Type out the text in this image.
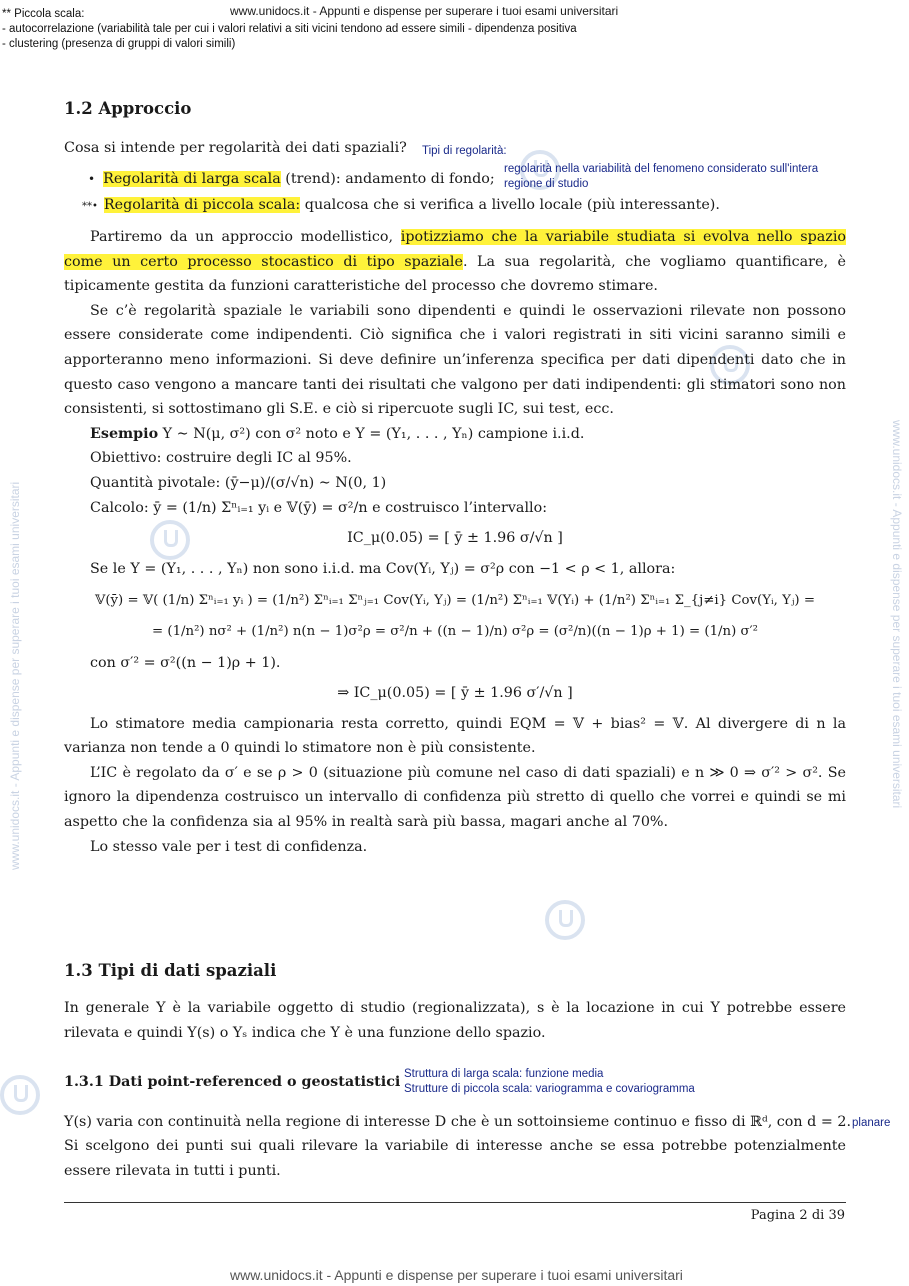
www.unidocs.it - Appunti e dispense per superare i tuoi esami universitari
www.unidocs.it - Appunti e dispense per superare i tuoi esami universitari
www.unidocs.it - Appunti e dispense per superare i tuoi esami universitari	www.unidocs.it - Appunti e dispense per superare i tuoi esami universitari
** Piccola scala:
- autocorrelazione (variabilità tale per cui i valori relativi a siti vicini tendono ad essere simili - dipendenza positiva
- clustering (presenza di gruppi di valori simili)
1.2 Approccio
Cosa si intende per regolarità dei dati spaziali? Tipi di regolarità:
regolarità nella variabilità del fenomeno considerato sull'intera
regione di studio
• Regolarità di larga scala (trend): andamento di fondo;
**• Regolarità di piccola scala: qualcosa che si verifica a livello locale (più interessante).

Partiremo da un approccio modellistico, ipotizziamo che la variabile studiata si evolva nello spazio come un certo processo stocastico di tipo spaziale. La sua regolarità, che vogliamo quantificare, è tipicamente gestita da funzioni caratteristiche del processo che dovremo stimare.

Se c’è regolarità spaziale le variabili sono dipendenti e quindi le osservazioni rilevate non possono essere considerate come indipendenti. Ciò significa che i valori registrati in siti vicini saranno simili e apporteranno meno informazioni. Si deve definire un’inferenza specifica per dati dipendenti dato che in questo caso vengono a mancare tanti dei risultati che valgono per dati indipendenti: gli stimatori sono non consistenti, si sottostimano gli S.E. e ciò si ripercuote sugli IC, sui test, ecc.

Esempio Y ∼ N(μ, σ²) con σ² noto e Y = (Y₁, . . . , Yₙ) campione i.i.d.

Obiettivo: costruire degli IC al 95%.

Quantità pivotale: (ȳ−μ)/(σ/√n) ∼ N(0, 1)

Calcolo: ȳ = (1/n) Σⁿᵢ₌₁ yᵢ e 𝕍(ȳ) = σ²/n e costruisco l’intervallo:

IC_μ(0.05) = [ ȳ ± 1.96 σ/√n ]

Se le Y = (Y₁, . . . , Yₙ) non sono i.i.d. ma Cov(Yᵢ, Yⱼ) = σ²ρ con −1 < ρ < 1, allora:

𝕍(ȳ) = 𝕍( (1/n) Σⁿᵢ₌₁ yᵢ ) = (1/n²) Σⁿᵢ₌₁ Σⁿⱼ₌₁ Cov(Yᵢ, Yⱼ) = (1/n²) Σⁿᵢ₌₁ 𝕍(Yᵢ) + (1/n²) Σⁿᵢ₌₁ Σ_{j≠i} Cov(Yᵢ, Yⱼ) =

= (1/n²) nσ² + (1/n²) n(n − 1)σ²ρ = σ²/n + ((n − 1)/n) σ²ρ = (σ²/n)((n − 1)ρ + 1) = (1/n) σ′²

con σ′² = σ²((n − 1)ρ + 1).

⇒ IC_μ(0.05) = [ ȳ ± 1.96 σ′/√n ]

Lo stimatore media campionaria resta corretto, quindi EQM = 𝕍 + bias² = 𝕍. Al divergere di n la varianza non tende a 0 quindi lo stimatore non è più consistente.

L’IC è regolato da σ′ e se ρ > 0 (situazione più comune nel caso di dati spaziali) e n ≫ 0 ⇒ σ′² > σ². Se ignoro la dipendenza costruisco un intervallo di confidenza più stretto di quello che vorrei e quindi se mi aspetto che la confidenza sia al 95% in realtà sarà più bassa, magari anche al 70%.

Lo stesso vale per i test di confidenza.

1.3 Tipi di dati spaziali

In generale Y è la variabile oggetto di studio (regionalizzata), s è la locazione in cui Y potrebbe essere rilevata e quindi Y(s) o Yₛ indica che Y è una funzione dello spazio.

1.3.1 Dati point-referenced o geostatistici Struttura di larga scala: funzione media
Strutture di piccola scala: variogramma e covariogramma
Y(s) varia con continuità nella regione di interesse D che è un sottoinsieme continuo e fisso di ℝᵈ, con d = 2. planare

Si scelgono dei punti sui quali rilevare la variabile di interesse anche se essa potrebbe potenzialmente essere rilevata in tutti i punti.

Pagina 2 di 39
